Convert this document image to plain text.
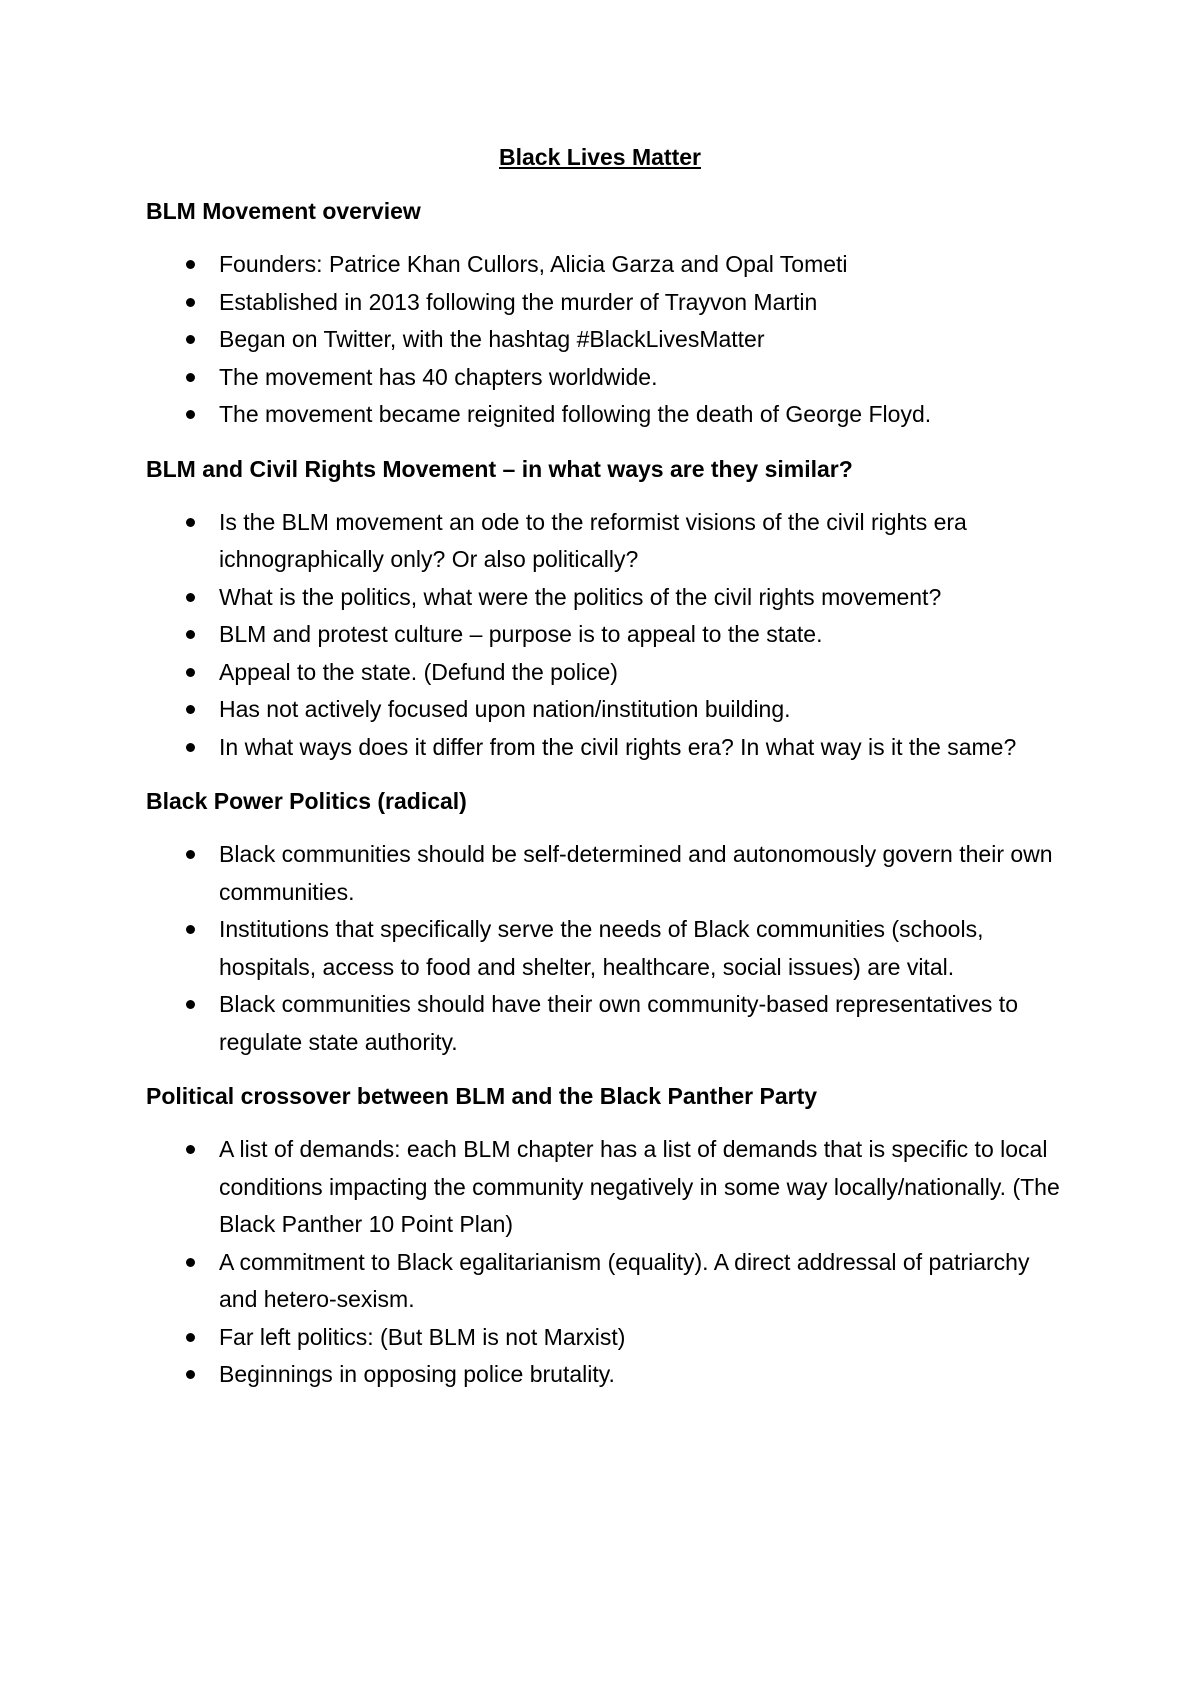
Black Lives Matter
BLM Movement overview
Founders: Patrice Khan Cullors, Alicia Garza and Opal Tometi
Established in 2013 following the murder of Trayvon Martin
Began on Twitter, with the hashtag #BlackLivesMatter
The movement has 40 chapters worldwide.
The movement became reignited following the death of George Floyd.
BLM and Civil Rights Movement – in what ways are they similar?
Is the BLM movement an ode to the reformist visions of the civil rights era ichnographically only? Or also politically?
What is the politics, what were the politics of the civil rights movement?
BLM and protest culture – purpose is to appeal to the state.
Appeal to the state. (Defund the police)
Has not actively focused upon nation/institution building.
In what ways does it differ from the civil rights era? In what way is it the same?
Black Power Politics (radical)
Black communities should be self-determined and autonomously govern their own communities.
Institutions that specifically serve the needs of Black communities (schools, hospitals, access to food and shelter, healthcare, social issues) are vital.
Black communities should have their own community-based representatives to regulate state authority.
Political crossover between BLM and the Black Panther Party
A list of demands: each BLM chapter has a list of demands that is specific to local conditions impacting the community negatively in some way locally/nationally. (The Black Panther 10 Point Plan)
A commitment to Black egalitarianism (equality). A direct addressal of patriarchy and hetero-sexism.
Far left politics: (But BLM is not Marxist)
Beginnings in opposing police brutality.
